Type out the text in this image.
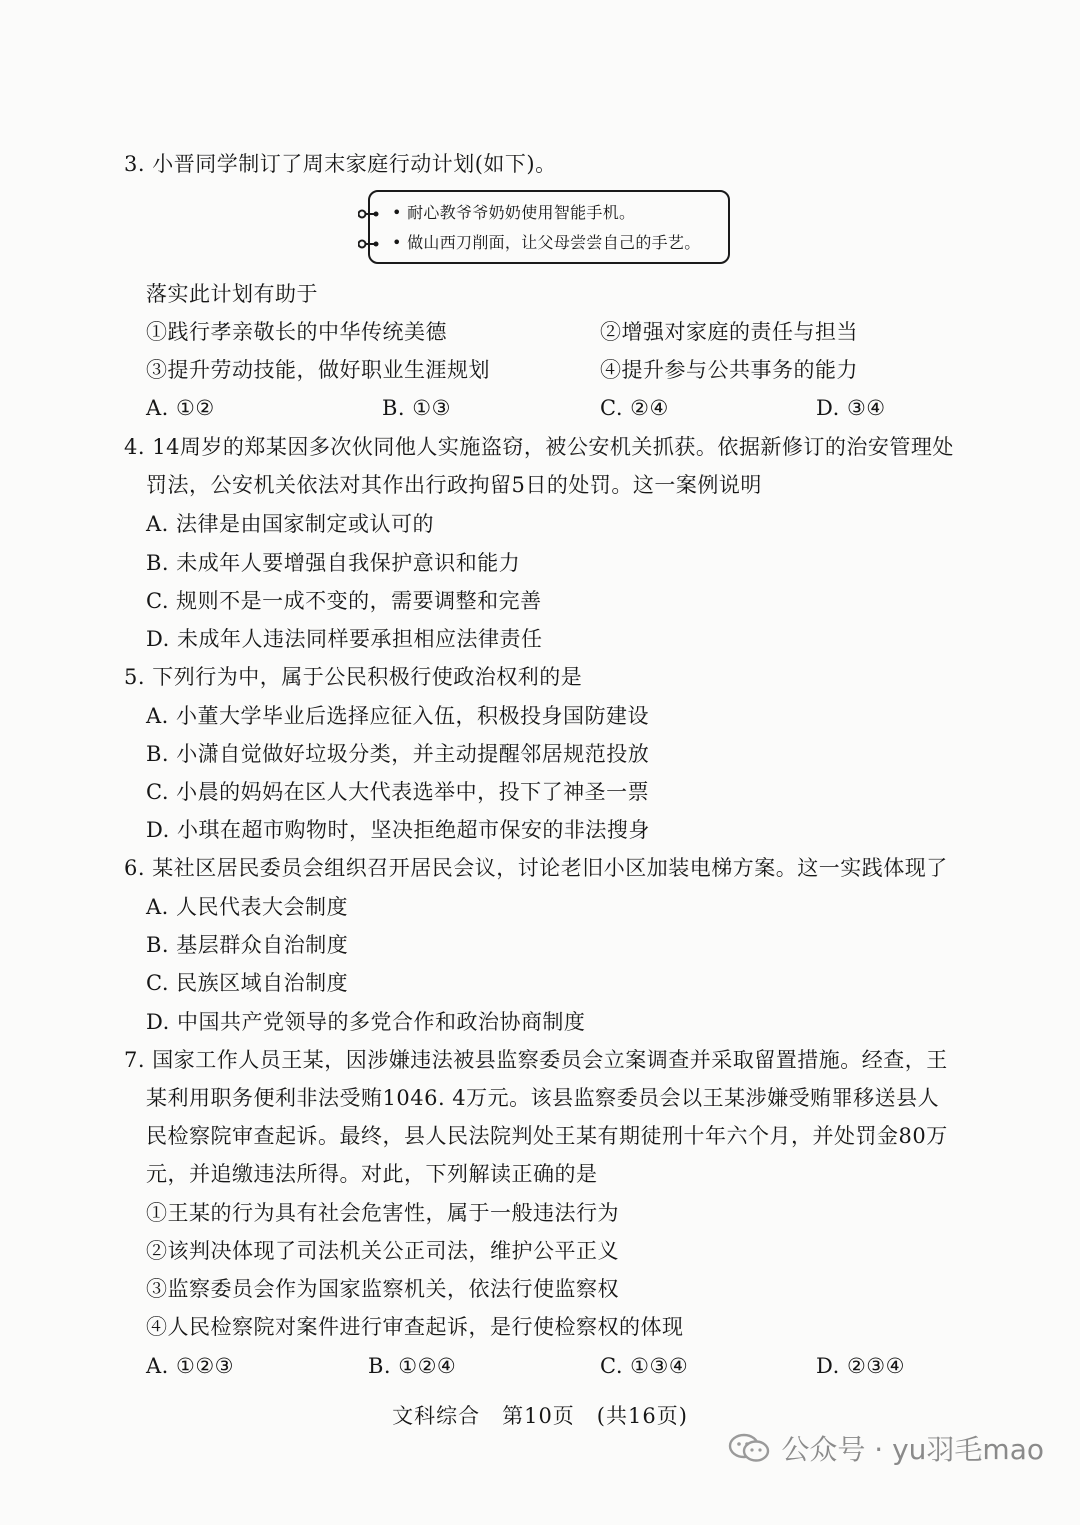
3. 小晋同学制订了周末家庭行动计划(如下)。
• 耐心教爷爷奶奶使用智能手机。
• 做山西刀削面，让父母尝尝自己的手艺。
落实此计划有助于
①践行孝亲敬长的中华传统美德	②增强对家庭的责任与担当
③提升劳动技能，做好职业生涯规划	④提升参与公共事务的能力
A. ①②	B. ①③	C. ②④	D. ③④
4. 14周岁的郑某因多次伙同他人实施盗窃，被公安机关抓获。依据新修订的治安管理处
罚法，公安机关依法对其作出行政拘留5日的处罚。这一案例说明
A. 法律是由国家制定或认可的
B. 未成年人要增强自我保护意识和能力
C. 规则不是一成不变的，需要调整和完善
D. 未成年人违法同样要承担相应法律责任
5. 下列行为中，属于公民积极行使政治权利的是
A. 小董大学毕业后选择应征入伍，积极投身国防建设
B. 小潇自觉做好垃圾分类，并主动提醒邻居规范投放
C. 小晨的妈妈在区人大代表选举中，投下了神圣一票
D. 小琪在超市购物时，坚决拒绝超市保安的非法搜身
6. 某社区居民委员会组织召开居民会议，讨论老旧小区加装电梯方案。这一实践体现了
A. 人民代表大会制度
B. 基层群众自治制度
C. 民族区域自治制度
D. 中国共产党领导的多党合作和政治协商制度
7. 国家工作人员王某，因涉嫌违法被县监察委员会立案调查并采取留置措施。经查，王
某利用职务便利非法受贿1046. 4万元。该县监察委员会以王某涉嫌受贿罪移送县人
民检察院审查起诉。最终，县人民法院判处王某有期徒刑十年六个月，并处罚金80万
元，并追缴违法所得。对此，下列解读正确的是
①王某的行为具有社会危害性，属于一般违法行为
②该判决体现了司法机关公正司法，维护公平正义
③监察委员会作为国家监察机关，依法行使监察权
④人民检察院对案件进行审查起诉，是行使检察权的体现
A. ①②③	B. ①②④	C. ①③④	D. ②③④
文科综合　第10页　(共16页)
公众号 · yu羽毛mao
